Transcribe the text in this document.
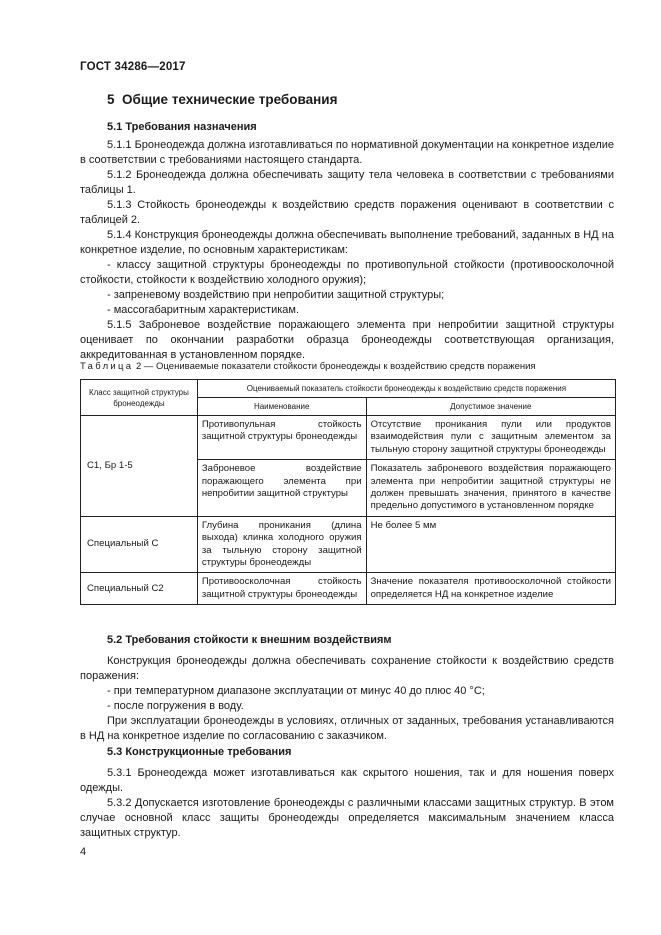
ГОСТ 34286—2017
5 Общие технические требования
5.1 Требования назначения

5.1.1 Бронеодежда должна изготавливаться по нормативной документации на конкретное изделие в соответствии с требованиями настоящего стандарта.

5.1.2 Бронеодежда должна обеспечивать защиту тела человека в соответствии с требованиями таблицы 1.

5.1.3 Стойкость бронеодежды к воздействию средств поражения оценивают в соответствии с таблицей 2.

5.1.4 Конструкция бронеодежды должна обеспечивать выполнение требований, заданных в НД на конкретное изделие, по основным характеристикам:

- классу защитной структуры бронеодежды по противопульной стойкости (противоосколочной стойкости, стойкости к воздействию холодного оружия);

- запреневому воздействию при непробитии защитной структуры;

- массогабаритным характеристикам.

5.1.5 Заброневое воздействие поражающего элемента при непробитии защитной структуры оценивает по окончании разработки образца бронеодежды соответствующая организация, аккредитованная в установленном порядке.

Таблица 2 — Оцениваемые показатели стойкости бронеодежды к воздействию средств поражения
Класс защитной структуры бронеодежды	Оцениваемый показатель стойкости бронеодежды к воздействию средств поражения	
	Наименование	Допустимое значение
С1, Бр 1-5	Противопульная стойкость защитной структуры бронеодежды	Отсутствие проникания пули или продуктов взаимодействия пули с защитным элементом за тыльную сторону защитной структуры бронеодежды
	Заброневое воздействие поражающего элемента при непробитии защитной структуры	Показатель заброневого воздействия поражающего элемента при непробитии защитной структуры не должен превышать значения, принятого в качестве предельно допустимого в установленном порядке
Специальный С	Глубина проникания (длина выхода) клинка холодного оружия за тыльную сторону защитной структуры бронеодежды	Не более 5 мм
Специальный С2	Противоосколочная стойкость защитной структуры бронеодежды	Значение показателя противоосколочной стойкости определяется НД на конкретное изделие
5.2 Требования стойкости к внешним воздействиям

Конструкция бронеодежды должна обеспечивать сохранение стойкости к воздействию средств поражения:

- при температурном диапазоне эксплуатации от минус 40 до плюс 40 °С;

- после погружения в воду.

При эксплуатации бронеодежды в условиях, отличных от заданных, требования устанавливаются в НД на конкретное изделие по согласованию с заказчиком.

5.3 Конструкционные требования

5.3.1 Бронеодежда может изготавливаться как скрытого ношения, так и для ношения поверх одежды.

5.3.2 Допускается изготовление бронеодежды с различными классами защитных структур. В этом случае основной класс защиты бронеодежды определяется максимальным значением класса защитных структур.

4
